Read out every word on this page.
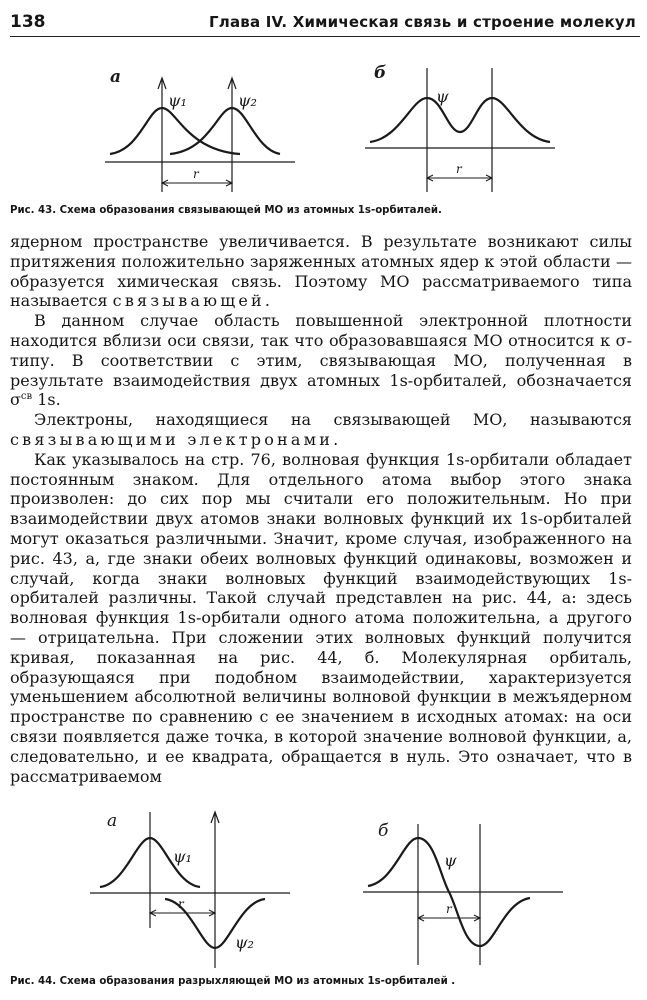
138	Глава IV. Химическая связь и строение молекул
а
ψ₁	ψ₂
r
б
ψ
r
Рис. 43. Схема образования связывающей МО из атомных 1s-орбиталей.

ядерном пространстве увеличивается. В результате возникают силы притяжения положительно заряженных атомных ядер к этой области — образуется химическая связь. Поэтому МО рассматриваемого типа называется связывающей.

В данном случае область повышенной электронной плотности находится вблизи оси связи, так что образовавшаяся МО относится к σ-типу. В соответствии с этим, связывающая МО, полученная в результате взаимодействия двух атомных 1s-орбиталей, обозначается $\sigma^{св}$ 1s.

Электроны, находящиеся на связывающей МО, называются связывающими электронами.

Как указывалось на стр. 76, волновая функция 1s-орбитали обладает постоянным знаком. Для отдельного атома выбор этого знака произволен: до сих пор мы считали его положительным. Но при взаимодействии двух атомов знаки волновых функций их 1s-орбиталей могут оказаться различными. Значит, кроме случая, изображенного на рис. 43, а, где знаки обеих волновых функций одинаковы, возможен и случай, когда знаки волновых функций взаимодействующих 1s-орбиталей различны. Такой случай представлен на рис. 44, а: здесь волновая функция 1s-орбитали одного атома положительна, а другого — отрицательна. При сложении этих волновых функций получится кривая, показанная на рис. 44, б. Молекулярная орбиталь, образующаяся при подобном взаимодействии, характеризуется уменьшением абсолютной величины волновой функции в межъядерном пространстве по сравнению с ее значением в исходных атомах: на оси связи появляется даже точка, в которой значение волновой функции, а, следовательно, и ее квадрата, обращается в нуль. Это означает, что в рассматриваемом

а
ψ₁
ψ₂
r
б
ψ
r
Рис. 44. Схема образования разрыхляющей МО из атомных 1s-орбиталей .
